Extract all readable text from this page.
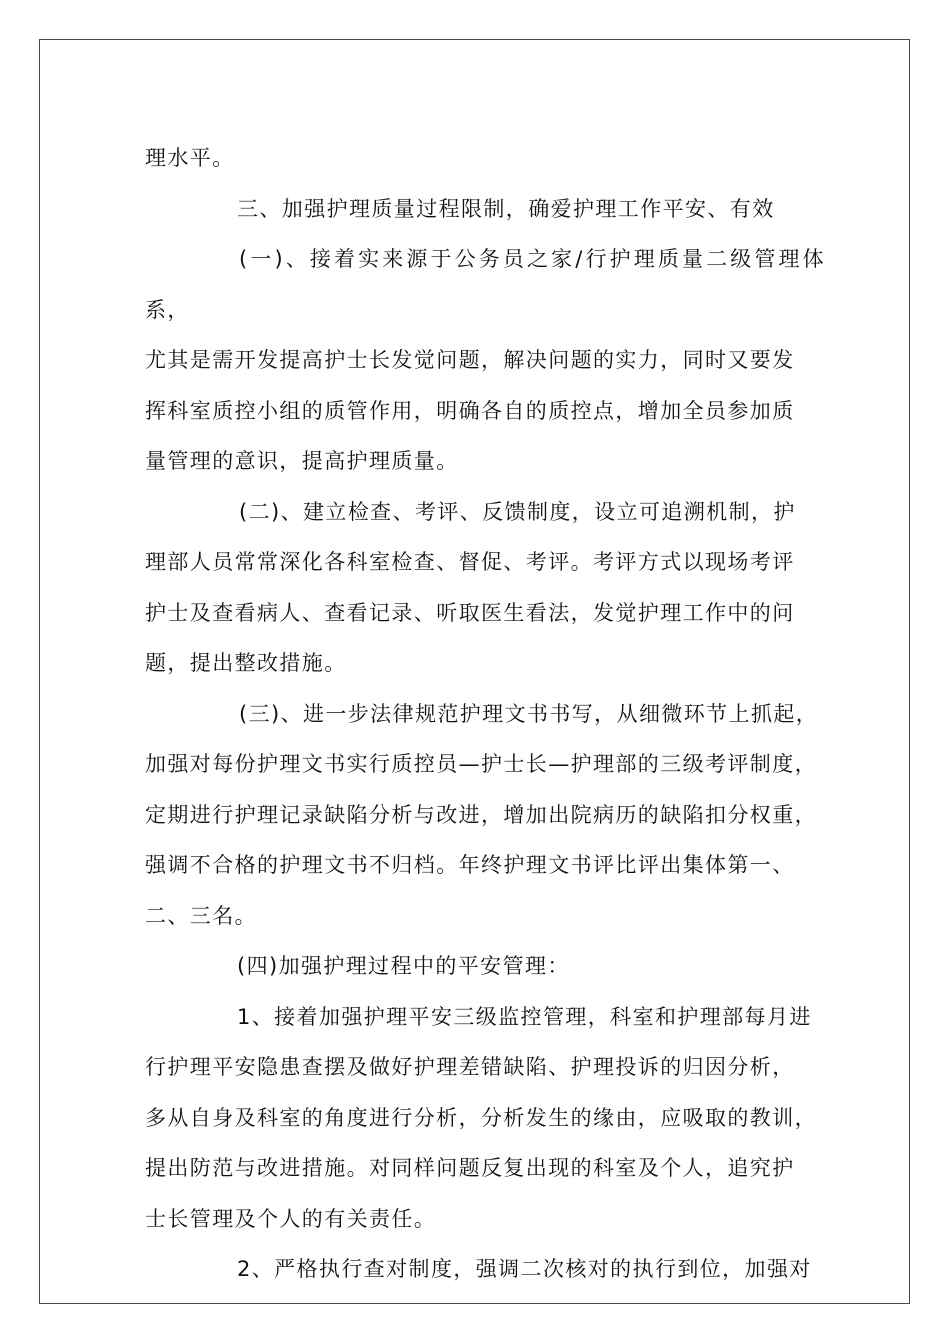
理水平。

三、加强护理质量过程限制，确爱护理工作平安、有效

(一)、接着实来源于公务员之家/行护理质量二级管理体系，

尤其是需开发提高护士长发觉问题，解决问题的实力，同时又要发

挥科室质控小组的质管作用，明确各自的质控点，增加全员参加质

量管理的意识，提高护理质量。

(二)、建立检查、考评、反馈制度，设立可追溯机制，护

理部人员常常深化各科室检查、督促、考评。考评方式以现场考评

护士及查看病人、查看记录、听取医生看法，发觉护理工作中的问

题，提出整改措施。

(三)、进一步法律规范护理文书书写，从细微环节上抓起，

加强对每份护理文书实行质控员—护士长—护理部的三级考评制度，

定期进行护理记录缺陷分析与改进，增加出院病历的缺陷扣分权重，

强调不合格的护理文书不归档。年终护理文书评比评出集体第一、

二、三名。

(四)加强护理过程中的平安管理：

1、接着加强护理平安三级监控管理，科室和护理部每月进

行护理平安隐患查摆及做好护理差错缺陷、护理投诉的归因分析，

多从自身及科室的角度进行分析，分析发生的缘由，应吸取的教训，

提出防范与改进措施。对同样问题反复出现的科室及个人，追究护

士长管理及个人的有关责任。

2、严格执行查对制度，强调二次核对的执行到位，加强对
